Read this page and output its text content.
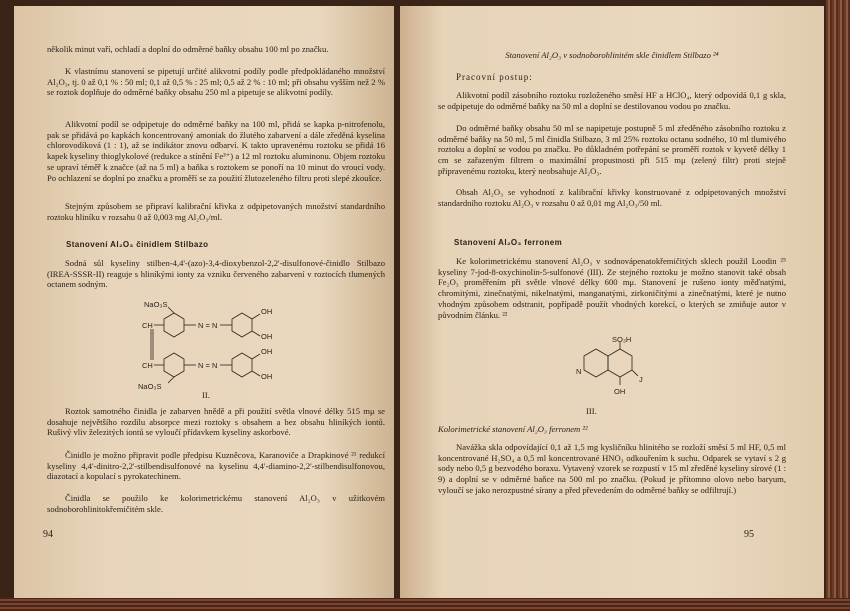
několik minut vaří, ochladí a doplní do odměrné baňky obsahu 100 ml po značku.

K vlastnímu stanovení se pipetují určité alikvotní podíly podle předpokládaného množství Al₂O₃, tj. 0 až 0,1 % : 50 ml; 0,1 až 0,5 % : 25 ml; 0,5 až 2 % : 10 ml; při obsahu vyšším než 2 % se roztok doplňuje do odměrné baňky obsahu 250 ml a pipetuje se alikvotní podíly.

Alikvotní podíl se odpipetuje do odměrné baňky na 100 ml, přidá se kapka p-nitrofenolu, pak se přidává po kapkách koncentrovaný amoniak do žlutého zabarvení a dále zředěná kyselina chlorovodíková (1 : 1), až se indikátor znovu odbarví. K takto upravenému roztoku se přidá 16 kapek kyseliny thioglykolové (redukce a stínění Fe³⁺) a 12 ml roztoku aluminonu. Objem roztoku se upraví téměř k značce (až na 5 ml) a baňka s roztokem se ponoří na 10 minut do vroucí vody. Po ochlazení se doplní po značku a proměří se za použití žlutozeleného filtru proti slepé zkoušce.

Stejným způsobem se připraví kalibrační křivka z odpipetovaných množství standardního roztoku hliníku v rozsahu 0 až 0,003 mg Al₂O₃/ml.

Stanovení Al₂O₃ činidlem Stilbazo

Sodná sůl kyseliny stilben-4,4'-(azo)-3,4-dioxybenzol-2,2'-disulfonové-činidlo Stilbazo (IREA-SSSR-II) reaguje s hliníkými ionty za vzniku červeného zabarvení v roztocích tlumených octanem sodným.

NaO₃S
CH	N = N
OH
OH
CH	N = N
OH
OH
NaO₃S

II.

Roztok samotného činidla je zabarven hnědě a při použití světla vlnové délky 515 mμ se dosahuje největšího rozdílu absorpce mezi roztoky s obsahem a bez obsahu hliníkých iontů. Rušivý vliv železitých iontů se vyloučí přídavkem kyseliny askorbové.

Činidlo je možno připravit podle předpisu Kuzněcova, Karanoviče a Drapkinové ²¹ redukcí kyseliny 4,4'-dinitro-2,2'-stilbendisulfonové na kyselinu 4,4'-diamino-2,2'-stilbendisulfonovou, diazotací a kopulací s pyrokatechinem.

Činidla se použilo ke kolorimetrickému stanovení Al₂O₃ v užitkovém sodnoborohlinitokřemičitém skle.

94

Stanovení Al₂O₃ v sodnoborohlinitém skle činidlem Stilbazo ²⁴

Pracovní postup:

Alikvotní podíl zásobního roztoku rozloženého směsí HF a HClO₄, který odpovídá 0,1 g skla, se odpipetuje do odměrné baňky na 50 ml a doplní se destilovanou vodou po značku.

Do odměrné baňky obsahu 50 ml se napipetuje postupně 5 ml zředěného zásobního roztoku z odměrné baňky na 50 ml, 5 ml činidla Stilbazo, 3 ml 25% roztoku octanu sodného, 10 ml tlumivého roztoku a doplní se vodou po značku. Po důkladném potřepání se proměří roztok v kyvetě délky 1 cm se zařazeným filtrem o maximální propustnosti při 515 mμ (zelený filtr) proti stejně připravenému roztoku, který neobsahuje Al₂O₃.

Obsah Al₂O₃ se vyhodnotí z kalibrační křivky konstruované z odpipetovaných množství standardního roztoku Al₂O₃ v rozsahu 0 až 0,01 mg Al₂O₃/50 ml.

Stanovení Al₂O₃ ferronem

Ke kolorimetrickému stanovení Al₂O₃ v sodnovápenatokřemičitých sklech použil Loodin ²⁵ kyseliny 7-jod-8-oxychinolin-5-sulfonové (III). Ze stejného roztoku je možno stanovit také obsah Fe₂O₃ proměřením při světle vlnové délky 600 mμ. Stanovení je rušeno ionty měďnatými, chromitými, zinečnatými, nikelnatými, manganatými, zirkoničitými a zinečnatými, které je nutno vhodným způsobem odstranit, popřípadě použít vhodných korekcí, o kterých se zmiňuje autor v původním článku. ²²

SO₃H
N
OH
J

III.

Kolorimetrické stanovení Al₂O₃ ferronem ²²

Navážka skla odpovídající 0,1 až 1,5 mg kysličníku hlinitého se rozloží směsí 5 ml HF, 0,5 ml koncentrované H₂SO₄ a 0,5 ml koncentrované HNO₃ odkouřením k suchu. Odparek se vytaví s 2 g sody nebo 0,5 g bezvodého boraxu. Vytavený vzorek se rozpustí v 15 ml zředěné kyseliny sírové (1 : 9) a doplní se v odměrné baňce na 500 ml po značku. (Pokud je přítomno olovo nebo baryum, vyloučí se jako nerozpustné sírany a před převedením do odměrné baňky se odfiltrují.)

95
